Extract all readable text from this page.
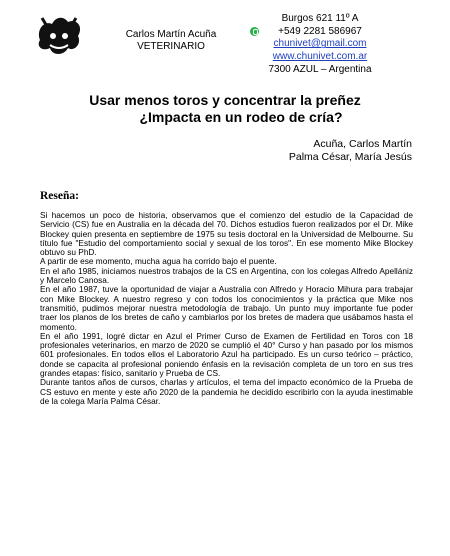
Carlos Martín Acuña
VETERINARIO
Burgos 621 11º A
+549 2281 586967
chunivet@gmail.com
www.chunivet.com.ar
7300 AZUL – Argentina
Usar menos toros y concentrar la preñez
¿Impacta en un rodeo de cría?
Acuña, Carlos Martín
Palma César, María Jesús
Reseña:

Si hacemos un poco de historia, observamos que el comienzo del estudio de la Capacidad de Servicio (CS) fue en Australia en la década del 70. Dichos estudios fueron realizados por el Dr. Mike Blockey quien presenta en septiembre de 1975 su tesis doctoral en la Universidad de Melbourne. Su título fue "Estudio del comportamiento social y sexual de los toros". En ese momento Mike Blockey obtuvo su PhD.

A partir de ese momento, mucha agua ha corrido bajo el puente.

En el año 1985, iniciamos nuestros trabajos de la CS en Argentina, con los colegas Alfredo Apellániz y Marcelo Canosa.

En el año 1987, tuve la oportunidad de viajar a Australia con Alfredo y Horacio Mihura para trabajar con Mike Blockey. A nuestro regreso y con todos los conocimientos y la práctica que Mike nos transmitió, pudimos mejorar nuestra metodología de trabajo. Un punto muy importante fue poder traer los planos de los bretes de caño y cambiarlos por los bretes de madera que usábamos hasta el momento.

En el año 1991, logré dictar en Azul el Primer Curso de Examen de Fertilidad en Toros con 18 profesionales veterinarios, en marzo de 2020 se cumplió el 40° Curso y han pasado por los mismos 601 profesionales. En todos ellos el Laboratorio Azul ha participado. Es un curso teórico – práctico, donde se capacita al profesional poniendo énfasis en la revisación completa de un toro en sus tres grandes etapas: físico, sanitario y Prueba de CS.

Durante tantos años de cursos, charlas y artículos, el tema del impacto económico de la Prueba de CS estuvo en mente y este año 2020 de la pandemia he decidido escribirlo con la ayuda inestimable de la colega María Palma César.
